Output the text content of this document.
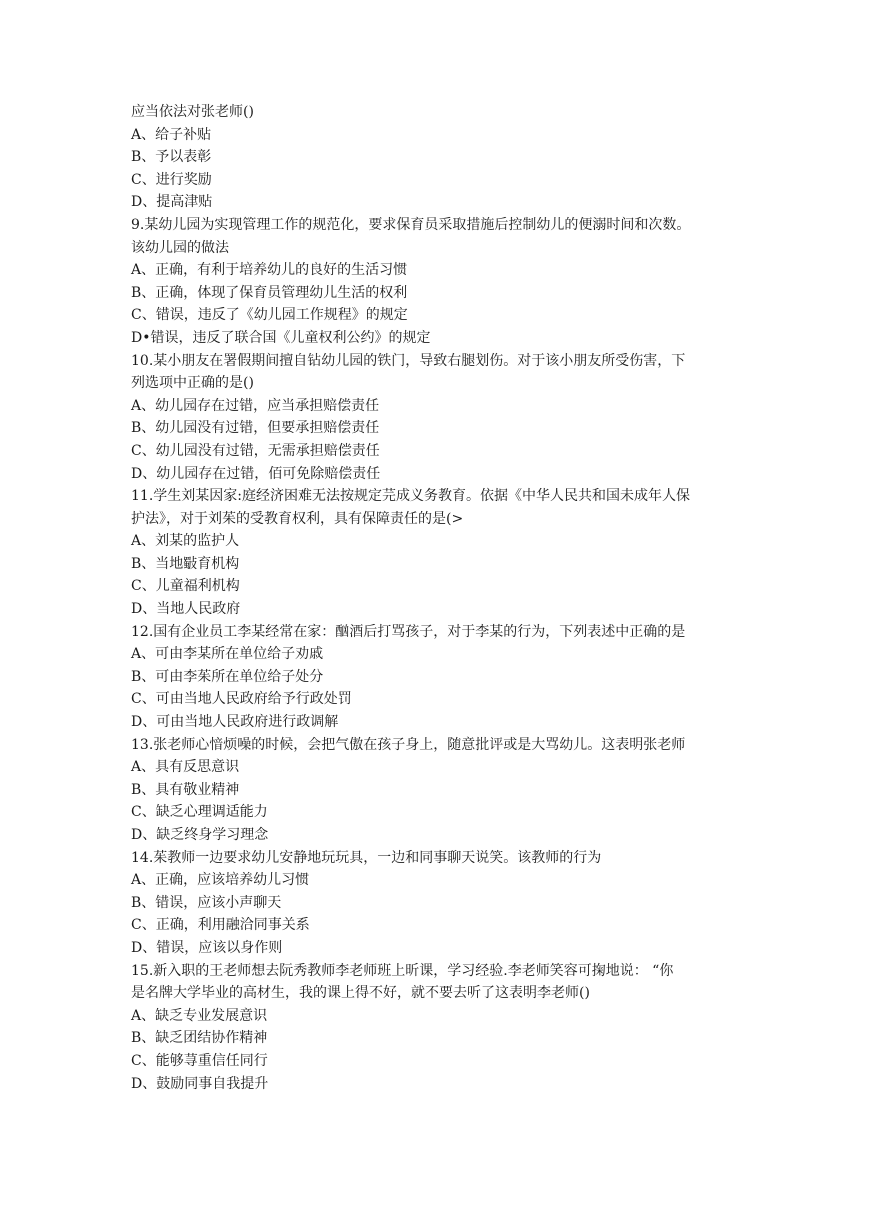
应当依法对张老师()
A、给子补贴
B、予以表彰
C、进行奖励
D、提高津贴
9.某幼儿园为实现管理工作的规范化，要求保育员采取措施后控制幼儿的便溺时间和次数。
该幼儿园的做法
A、正确，有利于培养幼儿的良好的生活习惯
B、正确，体现了保育员管理幼儿生活的权利
C、错误，违反了《幼儿园工作规程》的规定
D•错误，违反了联合国《儿童权利公约》的规定
10.某小朋友在署假期间擅自钻幼儿园的铁门，导致右腿划伤。对于该小朋友所受伤害，下
列选项中正确的是()
A、幼儿园存在过错，应当承担赔偿责任
B、幼儿园没有过错，但要承担赔偿责任
C、幼儿园没有过错，无需承担赔偿责任
D、幼儿园存在过错，佰可免除赔偿责任
11.学生刘某因家:庭经济困难无法按规定芫成义务教育。依据《中华人民共和国未成年人保
护法》，对于刘茱的受教育权利，具有保障责任的是(>
A、刘某的监护人
B、当地斀育机构
C、儿童福利机构
D、当地人民政府
12.国有企业员工李某经常在家：酗酒后打骂孩子，对于李某的行为，下列表述中正确的是
A、可由李某所在单位给子劝戚
B、可由李茱所在单位给子处分
C、可由当地人民政府给予行政处罚
D、可由当地人民政府进行政调解
13.张老师心愔烦噪的时候，会把气傲在孩子身上，随意批评或是大骂幼儿。这表明张老师
A、具有反思意识
B、具有敬业精神
C、缺乏心理调适能力
D、缺乏终身学习理念
14.茱教师一边要求幼儿安静地玩玩具，一边和同事聊天说笑。该教师的行为
A、正确，应该培养幼儿习惯
B、错误，应该小声聊天
C、正确，利用融洽同事关系
D、错误，应该以身作则
15.新入职的王老师想去阮秀教师李老师班上昕课，学习经验.李老师笑容可掬地说： “你
是名牌大学毕业的高材生，我的课上得不好，就不要去听了这表明李老师()
A、缺乏专业发展意识
B、缺乏团结协作精神
C、能够荨重信任同行
D、鼓励同事自我提升
